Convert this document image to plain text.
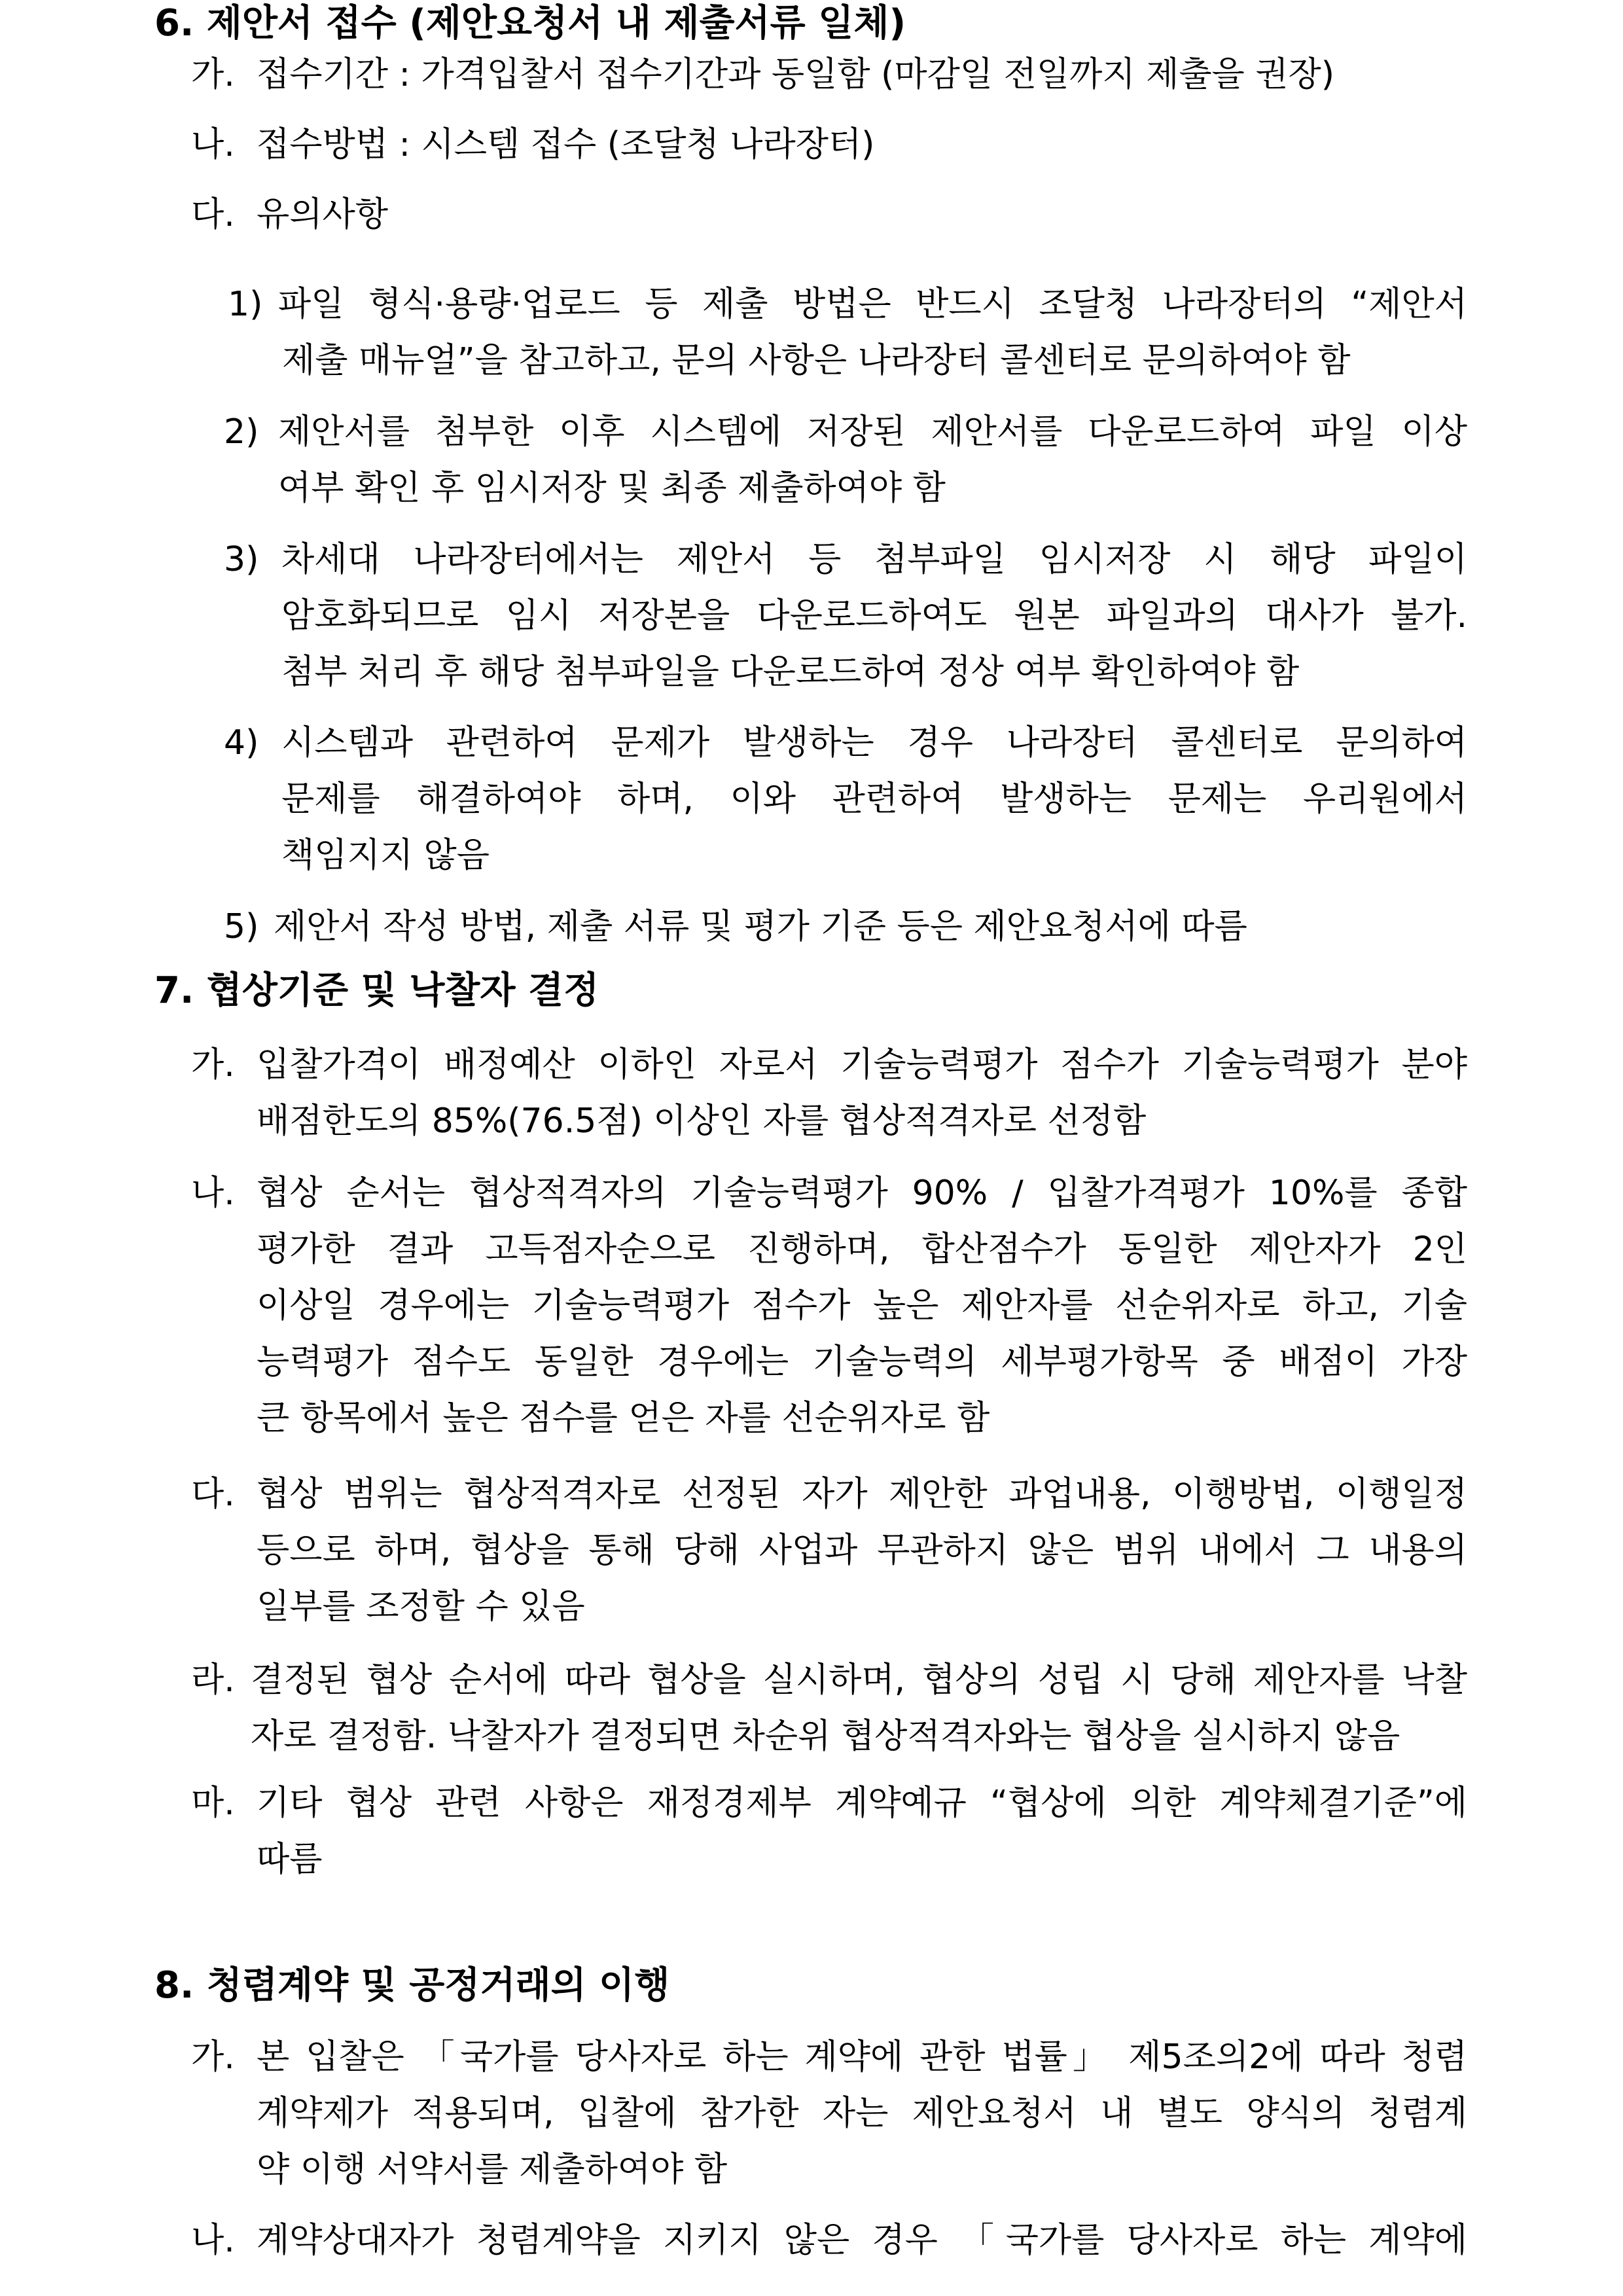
6. 제안서 접수 (제안요청서 내 제출서류 일체)
가. 접수기간 : 가격입찰서 접수기간과 동일함 (마감일 전일까지 제출을 권장)
나. 접수방법 : 시스템 접수 (조달청 나라장터)
다. 유의사항
1) 파일 형식·용량·업로드 등 제출 방법은 반드시 조달청 나라장터의 “제안서
제출 매뉴얼”을 참고하고, 문의 사항은 나라장터 콜센터로 문의하여야 함
2) 제안서를 첨부한 이후 시스템에 저장된 제안서를 다운로드하여 파일 이상
여부 확인 후 임시저장 및 최종 제출하여야 함
3) 차세대 나라장터에서는 제안서 등 첨부파일 임시저장 시 해당 파일이
암호화되므로 임시 저장본을 다운로드하여도 원본 파일과의 대사가 불가.
첨부 처리 후 해당 첨부파일을 다운로드하여 정상 여부 확인하여야 함
4) 시스템과 관련하여 문제가 발생하는 경우 나라장터 콜센터로 문의하여
문제를 해결하여야 하며, 이와 관련하여 발생하는 문제는 우리원에서
책임지지 않음
5) 제안서 작성 방법, 제출 서류 및 평가 기준 등은 제안요청서에 따름
7. 협상기준 및 낙찰자 결정
가. 입찰가격이 배정예산 이하인 자로서 기술능력평가 점수가 기술능력평가 분야
배점한도의 85%(76.5점) 이상인 자를 협상적격자로 선정함
나. 협상 순서는 협상적격자의 기술능력평가 90% / 입찰가격평가 10%를 종합
평가한 결과 고득점자순으로 진행하며, 합산점수가 동일한 제안자가 2인
이상일 경우에는 기술능력평가 점수가 높은 제안자를 선순위자로 하고, 기술
능력평가 점수도 동일한 경우에는 기술능력의 세부평가항목 중 배점이 가장
큰 항목에서 높은 점수를 얻은 자를 선순위자로 함
다. 협상 범위는 협상적격자로 선정된 자가 제안한 과업내용, 이행방법, 이행일정
등으로 하며, 협상을 통해 당해 사업과 무관하지 않은 범위 내에서 그 내용의
일부를 조정할 수 있음
라. 결정된 협상 순서에 따라 협상을 실시하며, 협상의 성립 시 당해 제안자를 낙찰
자로 결정함. 낙찰자가 결정되면 차순위 협상적격자와는 협상을 실시하지 않음
마. 기타 협상 관련 사항은 재정경제부 계약예규 “협상에 의한 계약체결기준”에
따름
8. 청렴계약 및 공정거래의 이행
가. 본 입찰은 「국가를 당사자로 하는 계약에 관한 법률」 제5조의2에 따라 청렴
계약제가 적용되며, 입찰에 참가한 자는 제안요청서 내 별도 양식의 청렴계
약 이행 서약서를 제출하여야 함
나. 계약상대자가 청렴계약을 지키지 않은 경우 「국가를 당사자로 하는 계약에
